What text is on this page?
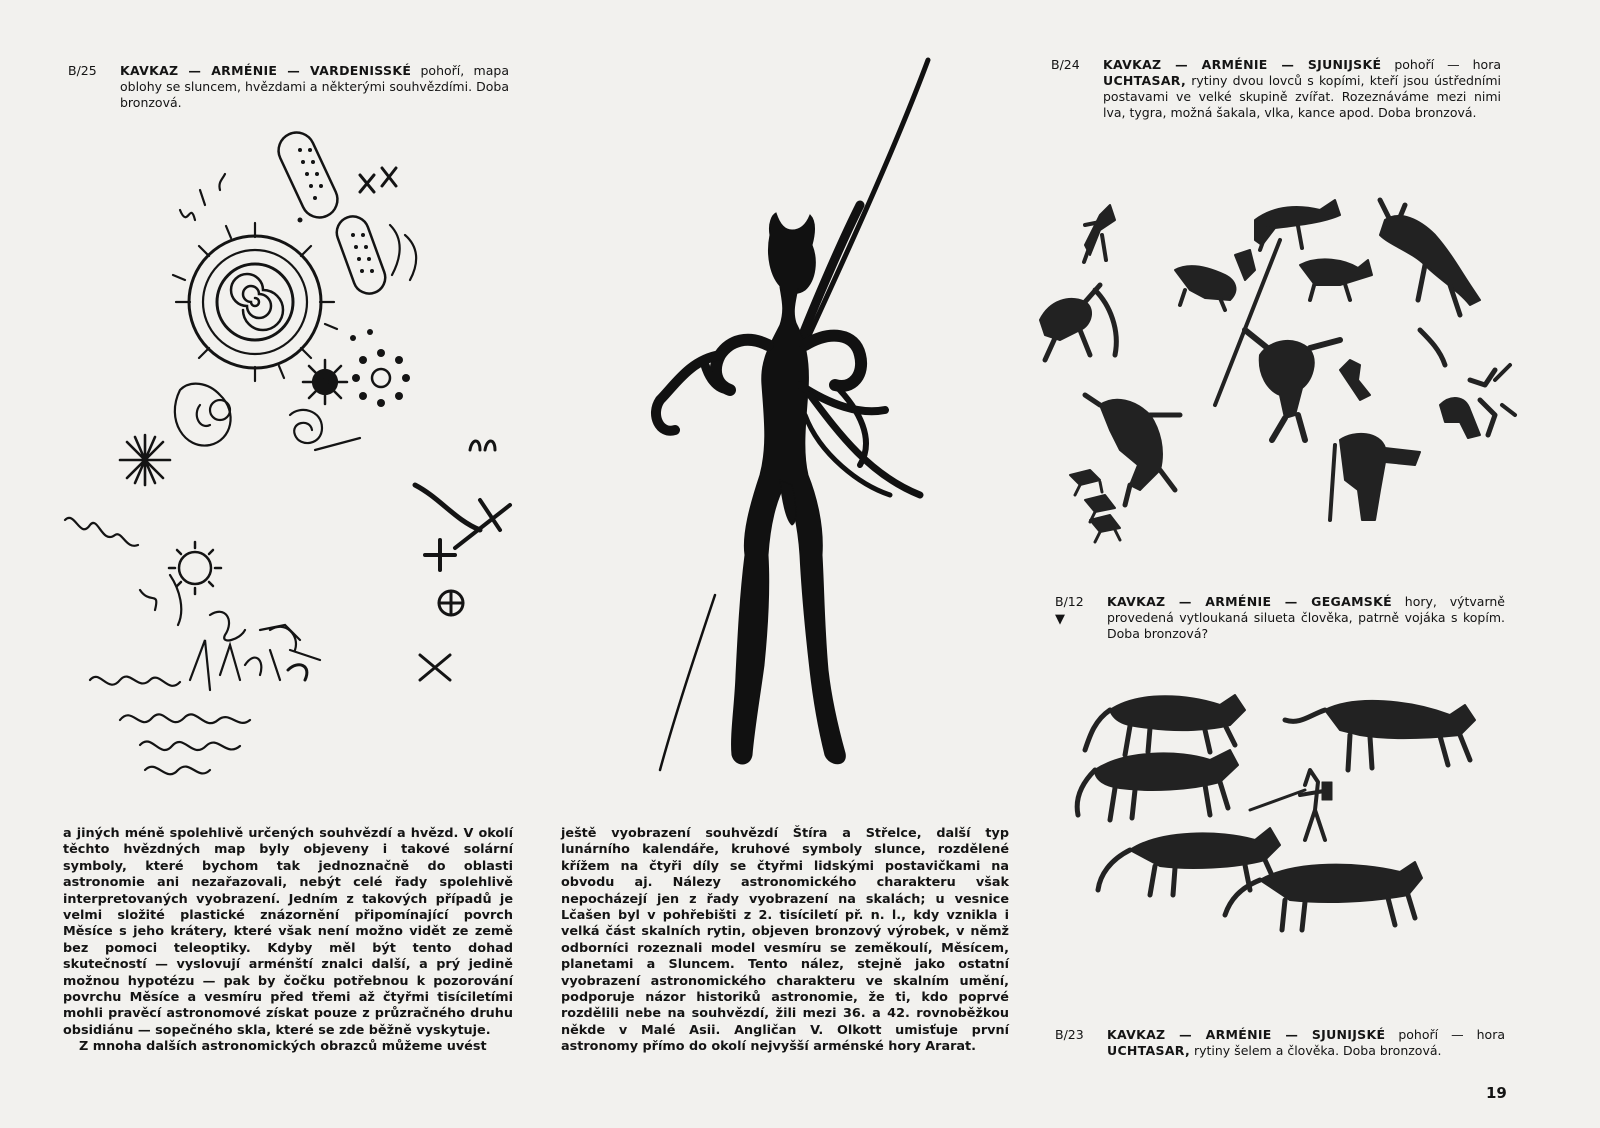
B/25 KAVKAZ — ARMÉNIE — VARDENISSKÉ pohoří, mapa oblohy se sluncem, hvězdami a některými souhvězdími. Doba bronzová.
B/24 KAVKAZ — ARMÉNIE — SJUNIJSKÉ pohoří — hora UCHTASAR, rytiny dvou lovců s kopími, kteří jsou ústředními postavami ve velké skupině zvířat. Rozeznáváme mezi nimi lva, tygra, možná šakala, vlka, kance apod. Doba bronzová.
B/12
▼
KAVKAZ — ARMÉNIE — GEGAMSKÉ hory, výtvarně provedená vytloukaná silueta člověka, patrně vojáka s kopím. Doba bronzová?
B/23 KAVKAZ — ARMÉNIE — SJUNIJSKÉ pohoří — hora UCHTASAR, rytiny šelem a člověka. Doba bronzová.

a jiných méně spolehlivě určených souhvězdí a hvězd. V okolí těchto hvězdných map byly objeveny i takové solární symboly, které bychom tak jednoznačně do oblasti astronomie ani nezařazovali, nebýt celé řady spolehlivě interpretovaných vyobrazení. Jedním z takových případů je velmi složité plastické znázornění připomínající povrch Měsíce s jeho krátery, které však není možno vidět ze země bez pomoci teleoptiky. Kdyby měl být tento dohad skutečností — vyslovují arménští znalci další, a prý jedině možnou hypotézu — pak by čočku potřebnou k pozorování povrchu Měsíce a vesmíru před třemi až čtyřmi tisíciletími mohli pravěcí astronomové získat pouze z průzračného druhu obsidiánu — sopečného skla, které se zde běžně vyskytuje.

Z mnoha dalších astronomických obrazců můžeme uvést

ještě vyobrazení souhvězdí Štíra a Střelce, další typ lunárního kalendáře, kruhové symboly slunce, rozdělené křížem na čtyři díly se čtyřmi lidskými postavičkami na obvodu aj. Nálezy astronomického charakteru však nepocházejí jen z řady vyobrazení na skalách; u vesnice Lčašen byl v pohřebišti z 2. tisíciletí př. n. l., kdy vznikla i velká část skalních rytin, objeven bronzový výrobek, v němž odborníci rozeznali model vesmíru se zeměkoulí, Měsícem, planetami a Sluncem. Tento nález, stejně jako ostatní vyobrazení astronomického charakteru ve skalním umění, podporuje názor historiků astronomie, že ti, kdo poprvé rozdělili nebe na souhvězdí, žili mezi 36. a 42. rovnoběžkou někde v Malé Asii. Angličan V. Olkott umisťuje první astronomy přímo do okolí nejvyšší arménské hory Ararat.

19
